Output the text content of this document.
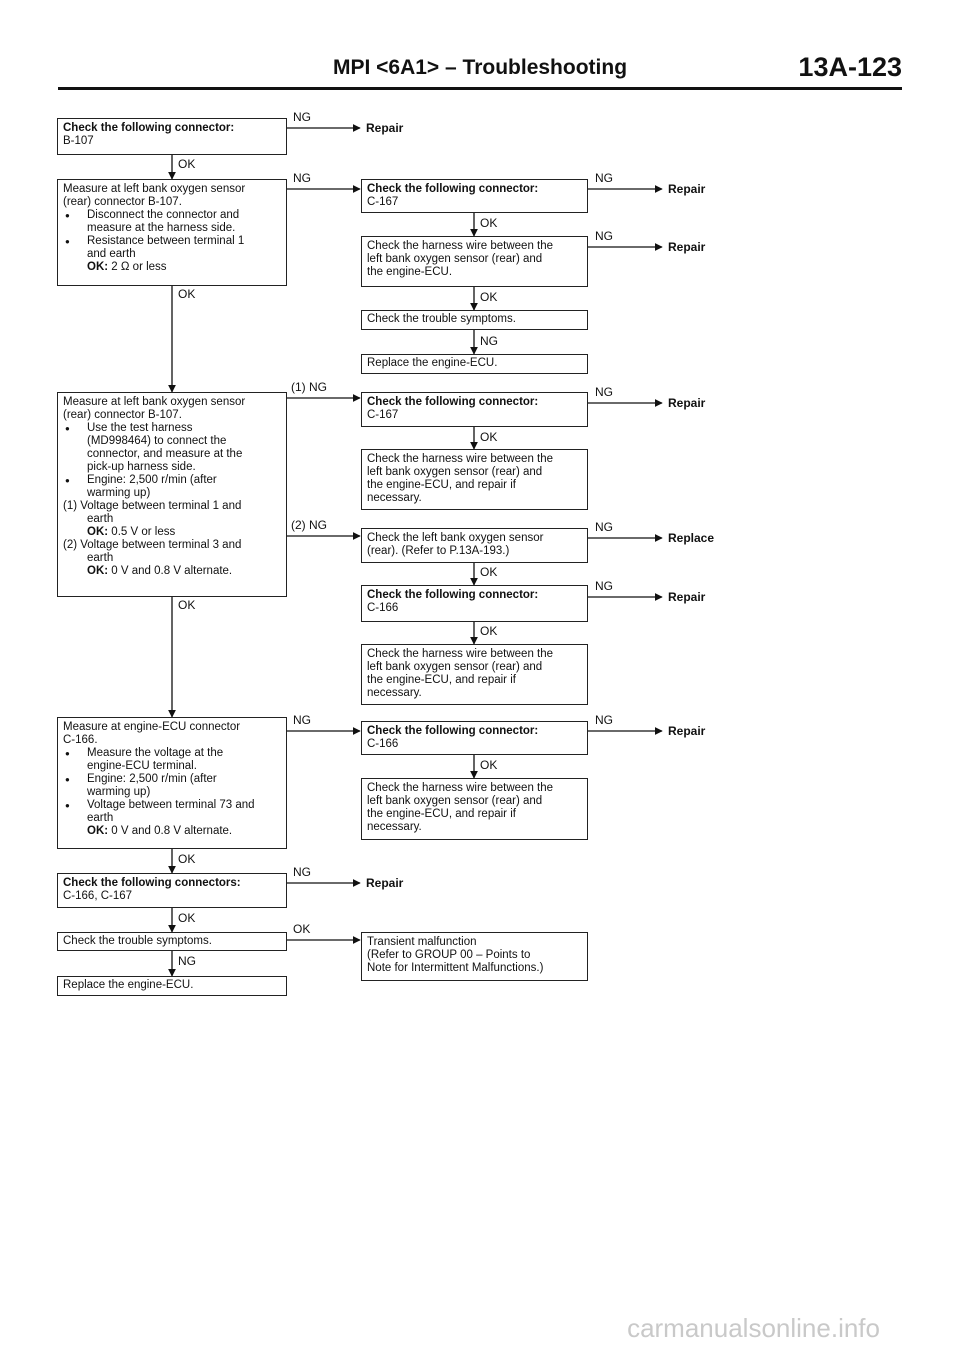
MPI <6A1> – Troubleshooting	13A-123
Check the following connector:
B-107
Measure at left bank oxygen sensor
(rear) connector B-107.
● Disconnect the connector and
measure at the harness side.
● Resistance between terminal 1
and earth
OK: 2 Ω or less
Measure at left bank oxygen sensor
(rear) connector B-107.
● Use the test harness
(MD998464) to connect the
connector, and measure at the
pick-up harness side.
● Engine: 2,500 r/min (after
warming up)
(1) Voltage between terminal 1 and
earth
OK: 0.5 V or less
(2) Voltage between terminal 3 and
earth
OK: 0 V and 0.8 V alternate.
Measure at engine-ECU connector
C-166.
● Measure the voltage at the
engine-ECU terminal.
● Engine: 2,500 r/min (after
warming up)
● Voltage between terminal 73 and
earth
OK: 0 V and 0.8 V alternate.
Check the following connectors:
C-166, C-167
Check the trouble symptoms.
Replace the engine-ECU.
Check the following connector:
C-167
Check the harness wire between the
left bank oxygen sensor (rear) and
the engine-ECU.
Check the trouble symptoms.
Replace the engine-ECU.
Check the following connector:
C-167
Check the harness wire between the
left bank oxygen sensor (rear) and
the engine-ECU, and repair if
necessary.
Check the left bank oxygen sensor
(rear). (Refer to P.13A-193.)
Check the following connector:
C-166
Check the harness wire between the
left bank oxygen sensor (rear) and
the engine-ECU, and repair if
necessary.
Check the following connector:
C-166
Check the harness wire between the
left bank oxygen sensor (rear) and
the engine-ECU, and repair if
necessary.
Transient malfunction
(Refer to GROUP 00 – Points to
Note for Intermittent Malfunctions.)
OK
OK
OK
OK
OK
NG
NG
NG
(1) NG
(2) NG
NG
NG
OK
Repair
Repair
OK
OK
NG
OK
OK
OK
OK
NG
NG
NG
NG
NG
NG
Repair
Repair
Repair
Replace
Repair
Repair
carmanualsonline.info
